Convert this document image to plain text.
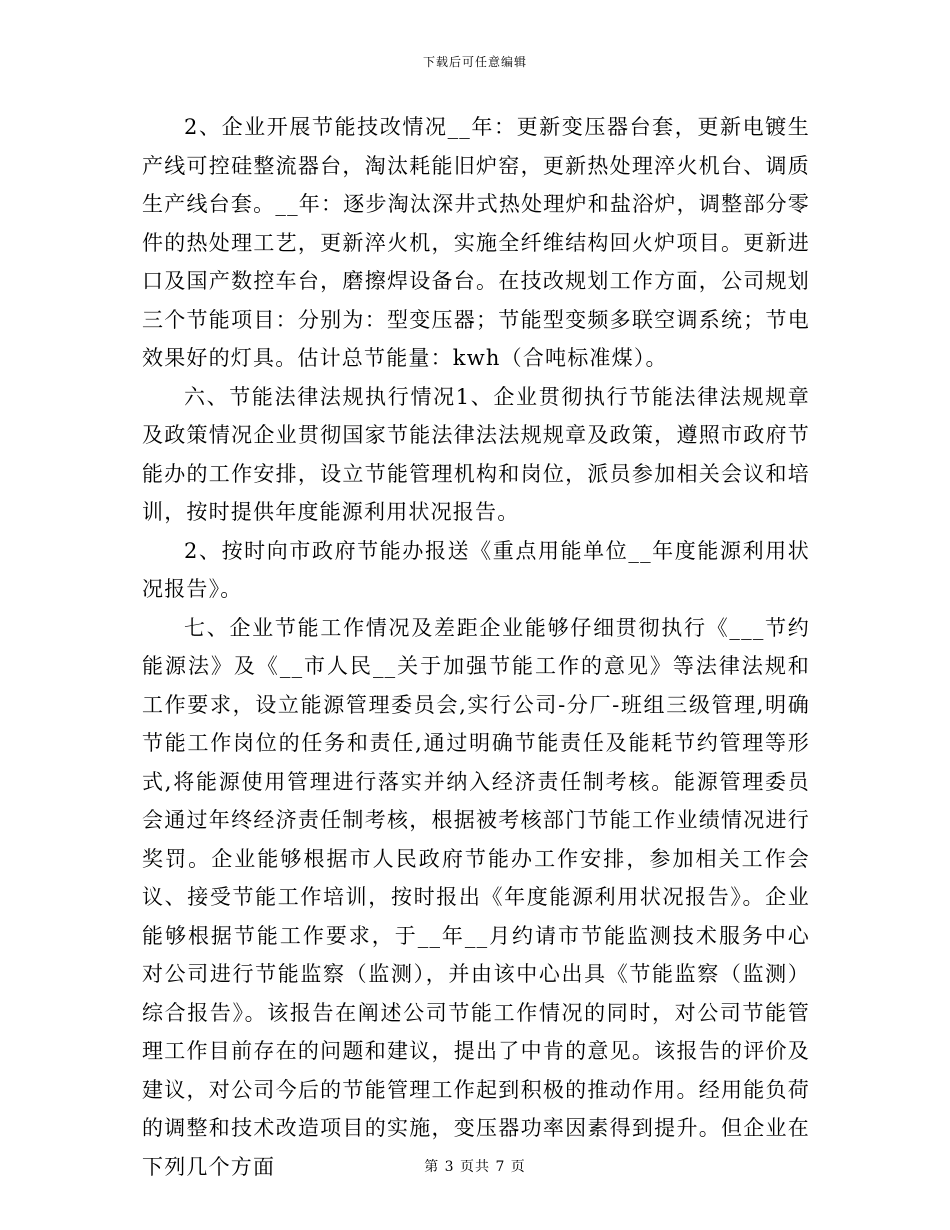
下载后可任意编辑

2、企业开展节能技改情况__年：更新变压器台套，更新电镀生产线可控硅整流器台，淘汰耗能旧炉窑，更新热处理淬火机台、调质生产线台套。__年：逐步淘汰深井式热处理炉和盐浴炉，调整部分零件的热处理工艺，更新淬火机，实施全纤维结构回火炉项目。更新进口及国产数控车台，磨擦焊设备台。在技改规划工作方面，公司规划三个节能项目：分别为：型变压器；节能型变频多联空调系统；节电效果好的灯具。估计总节能量：kwh（合吨标准煤）。

六、节能法律法规执行情况1、企业贯彻执行节能法律法规规章及政策情况企业贯彻国家节能法律法法规规章及政策，遵照市政府节能办的工作安排，设立节能管理机构和岗位，派员参加相关会议和培训，按时提供年度能源利用状况报告。

2、按时向市政府节能办报送《重点用能单位__年度能源利用状况报告》。

七、企业节能工作情况及差距企业能够仔细贯彻执行《___节约能源法》及《__市人民__关于加强节能工作的意见》等法律法规和工作要求，设立能源管理委员会,实行公司-分厂-班组三级管理,明确节能工作岗位的任务和责任,通过明确节能责任及能耗节约管理等形式,将能源使用管理进行落实并纳入经济责任制考核。能源管理委员会通过年终经济责任制考核，根据被考核部门节能工作业绩情况进行奖罚。企业能够根据市人民政府节能办工作安排，参加相关工作会议、接受节能工作培训，按时报出《年度能源利用状况报告》。企业能够根据节能工作要求，于__年__月约请市节能监测技术服务中心对公司进行节能监察（监测），并由该中心出具《节能监察（监测）综合报告》。该报告在阐述公司节能工作情况的同时，对公司节能管理工作目前存在的问题和建议，提出了中肯的意见。该报告的评价及建议，对公司今后的节能管理工作起到积极的推动作用。经用能负荷的调整和技术改造项目的实施，变压器功率因素得到提升。但企业在下列几个方面	第 3 页共 7 页
